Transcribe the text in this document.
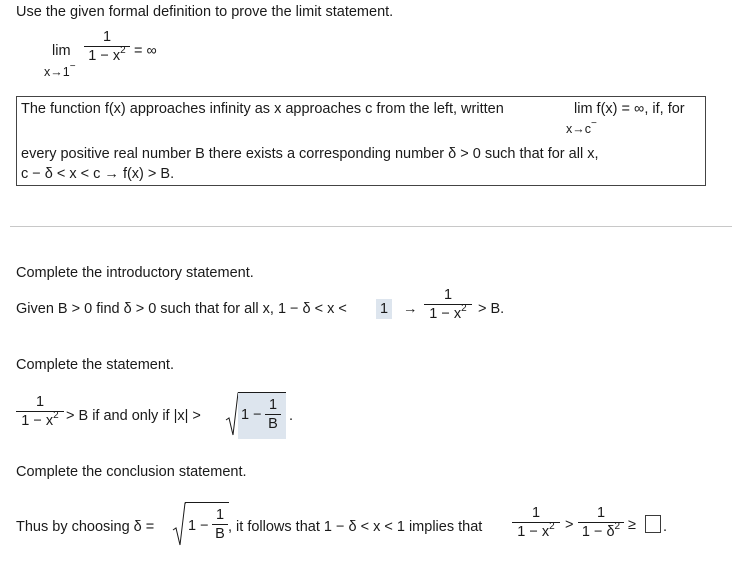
Use the given formal definition to prove the limit statement.
lim
x→1−
1
$1 - x^2$ = ∞
The function f(x) approaches infinity as x approaches c from the left, written	lim f(x) = ∞, if, for
x→c−
every positive real number B there exists a corresponding number δ > 0 such that for all x,
c − δ < x < c → f(x) > B.
Complete the introductory statement.
Given B > 0 find δ > 0 such that for all x, 1 − δ < x < 1 →
1
$1 - x^2 > B$.
Complete the statement.
1
$1 - x^2 > B$ if and only if |x| >	1 −
1
B .
Complete the conclusion statement.
Thus by choosing δ = 1 −
1
B , it follows that 1 − δ < x < 1 implies that
1
$1 - x^2$ >
1
$1 - \delta^2$ ≥ .
